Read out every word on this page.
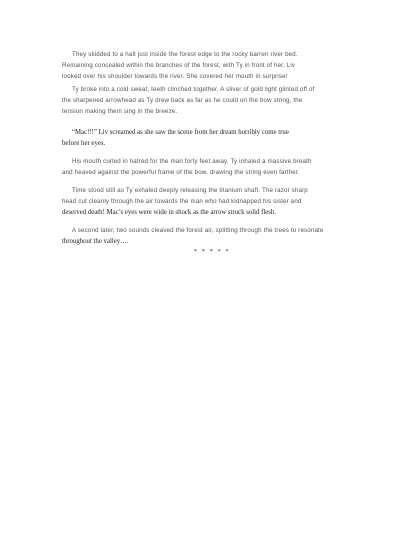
They skidded to a halt just inside the forest edge to the rocky barren river bed.
Remaining concealed within the branches of the forest, with Ty in front of her, Liv
looked over his shoulder towards the river. She covered her mouth in surprise!

Ty broke into a cold sweat, teeth clinched together. A sliver of gold light glinted off of
the sharpened arrowhead as Ty drew back as far as he could on the bow string, the
tension making them sing in the breeze.

“Mac!!!” Liv screamed as she saw the scene from her dream horribly come true
before her eyes.

His mouth curled in hatred for the man forty feet away, Ty inhaled a massive breath
and heaved against the powerful frame of the bow, drawing the string even farther.

Time stood still as Ty exhaled deeply releasing the titanium shaft. The razor sharp
head cut cleanly through the air towards the man who had kidnapped his sister and
deserved death! Mac’s eyes were wide in shock as the arrow struck solid flesh.

A second later, two sounds cleaved the forest air, splitting through the trees to resonate
throughout the valley….

* * * * *
